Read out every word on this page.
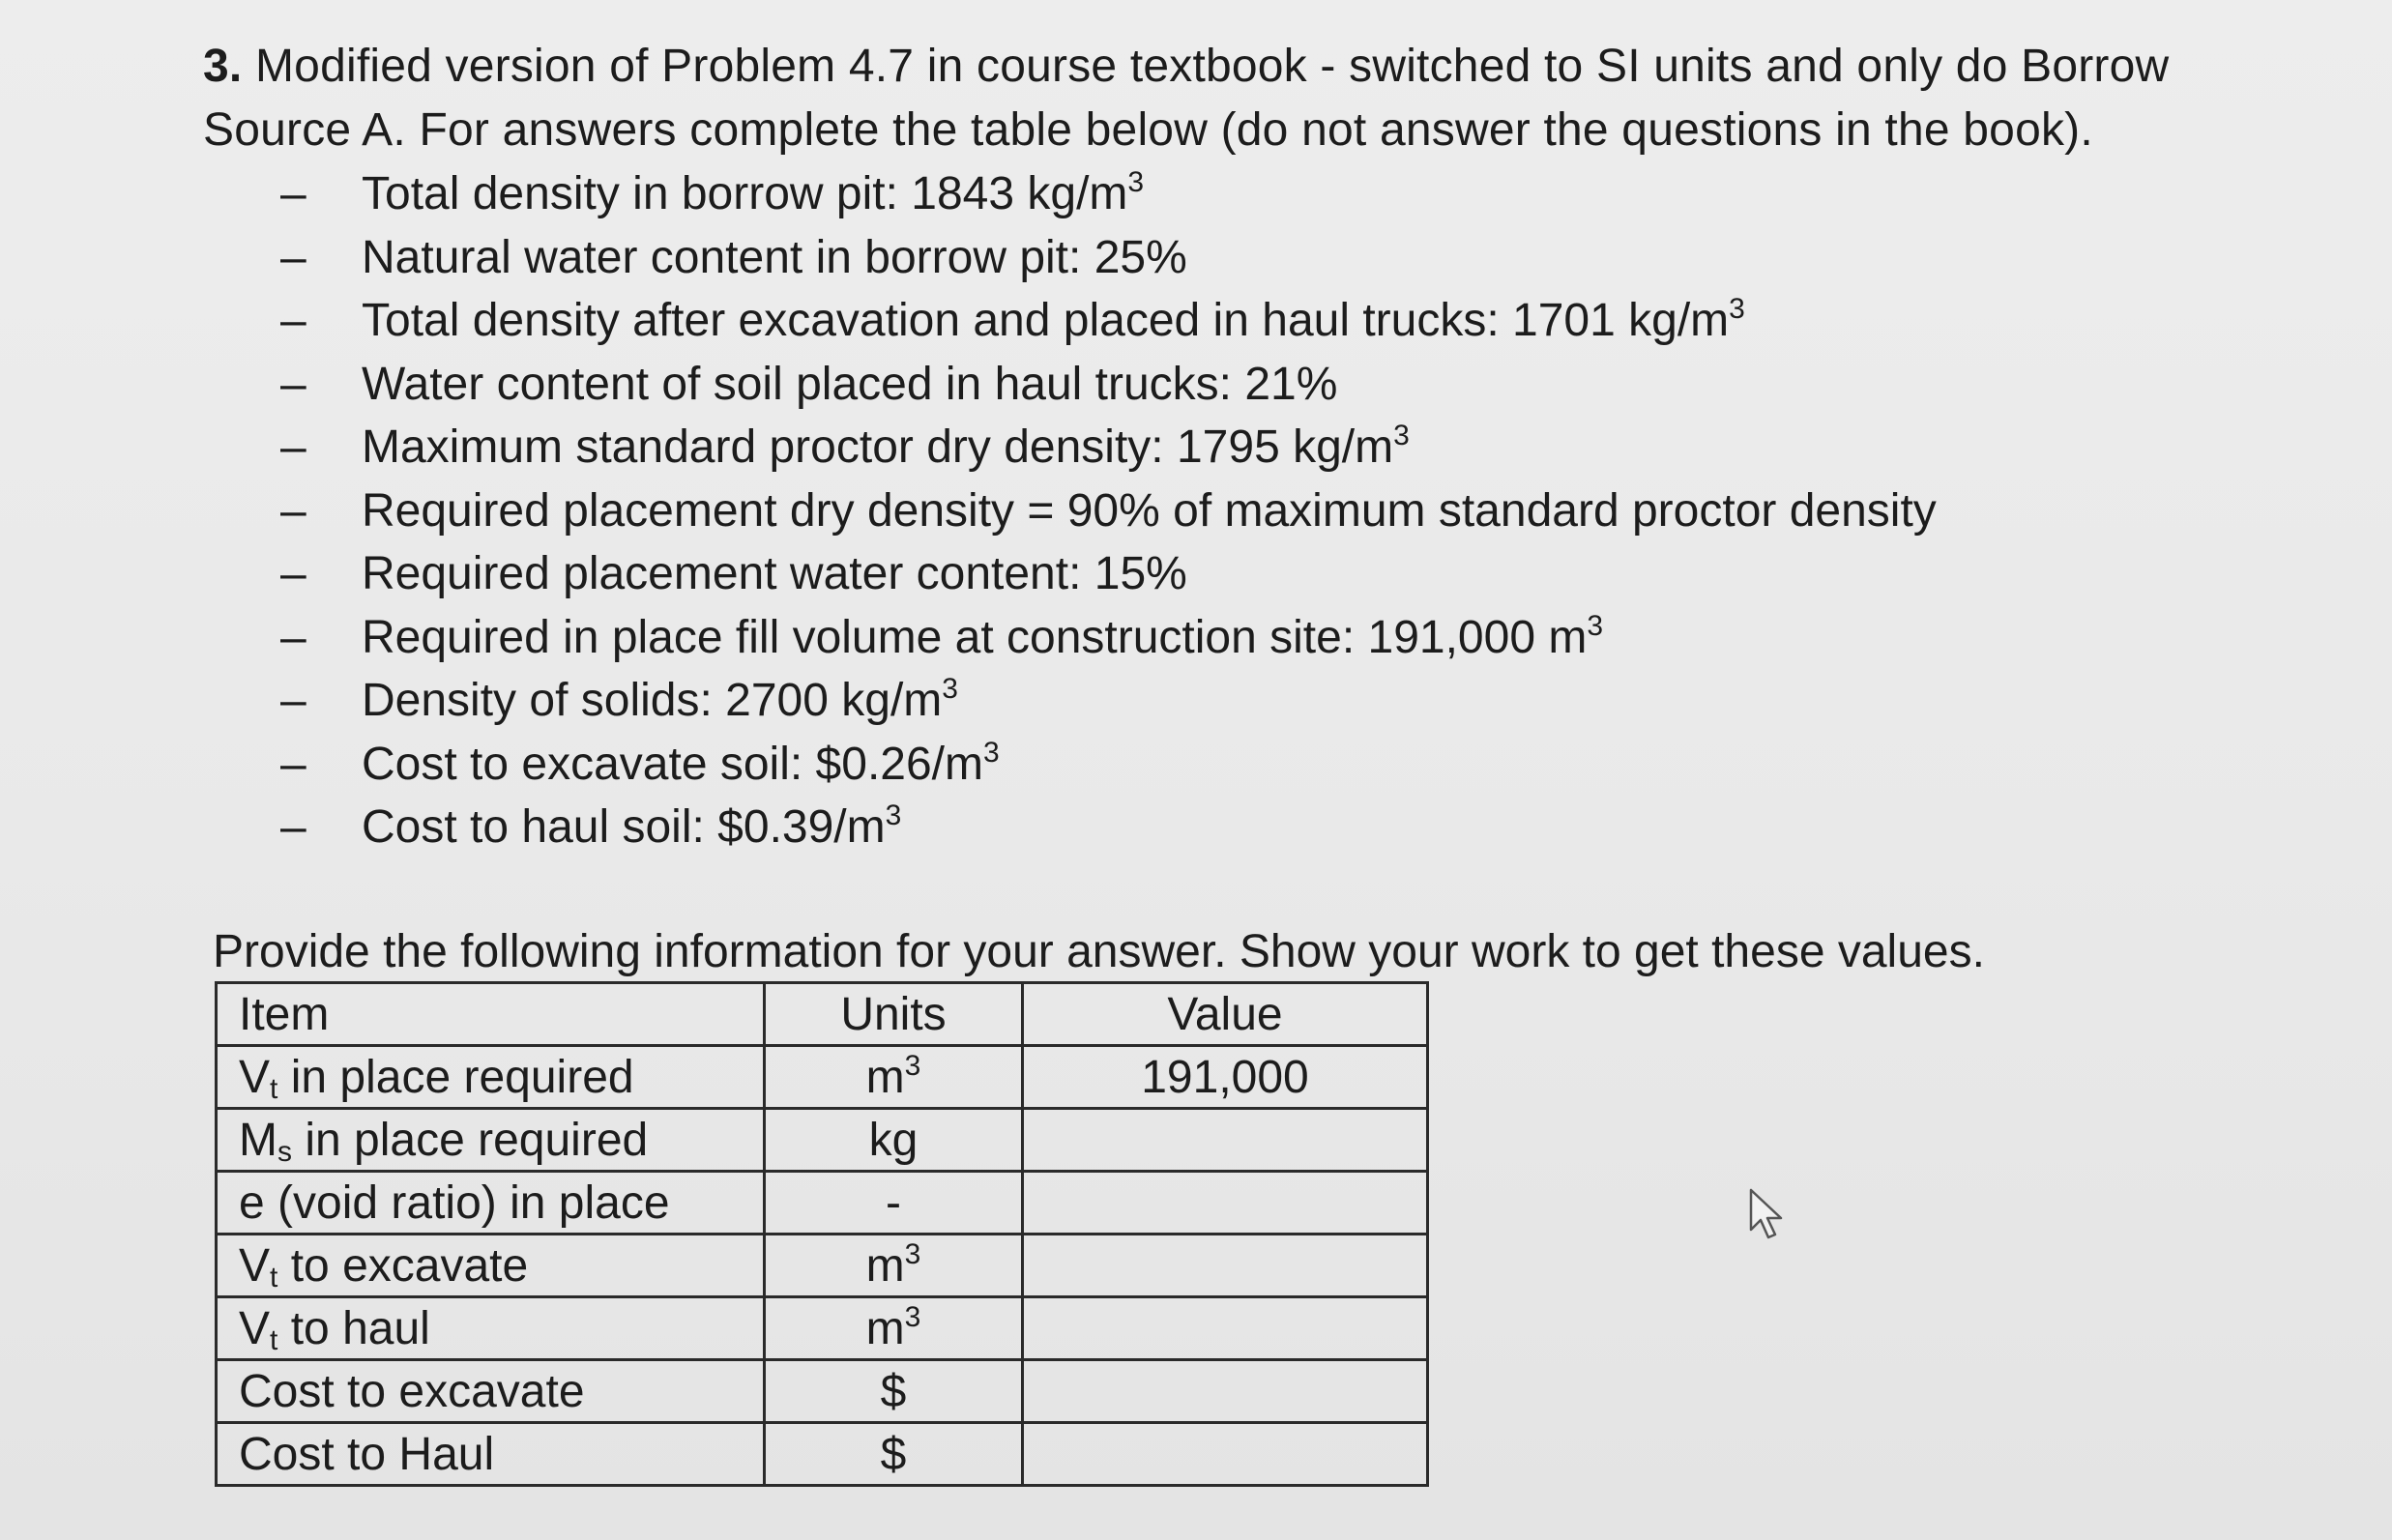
3. Modified version of Problem 4.7 in course textbook - switched to SI units and only do Borrow Source A. For answers complete the table below (do not answer the questions in the book).
– Total density in borrow pit: 1843 $kg/m^3$
– Natural water content in borrow pit: 25%
– Total density after excavation and placed in haul trucks: 1701 $kg/m^3$
– Water content of soil placed in haul trucks: 21%
– Maximum standard proctor dry density: 1795 $kg/m^3$
– Required placement dry density = 90% of maximum standard proctor density
– Required placement water content: 15%
– Required in place fill volume at construction site: 191,000 $m^3$
– Density of solids: 2700 $kg/m^3$
– Cost to excavate soil: $\$0.26/m^3$
– Cost to haul soil: $\$0.39/m^3$
Provide the following information for your answer. Show your work to get these values.
Item	Units	Value
$V_t$ in place required	$m^3$	191,000
$M_s$ in place required	kg	
e (void ratio) in place	-	
$V_t$ to excavate	$m^3$	
$V_t$ to haul	$m^3$	
Cost to excavate	$	
Cost to Haul	$	
